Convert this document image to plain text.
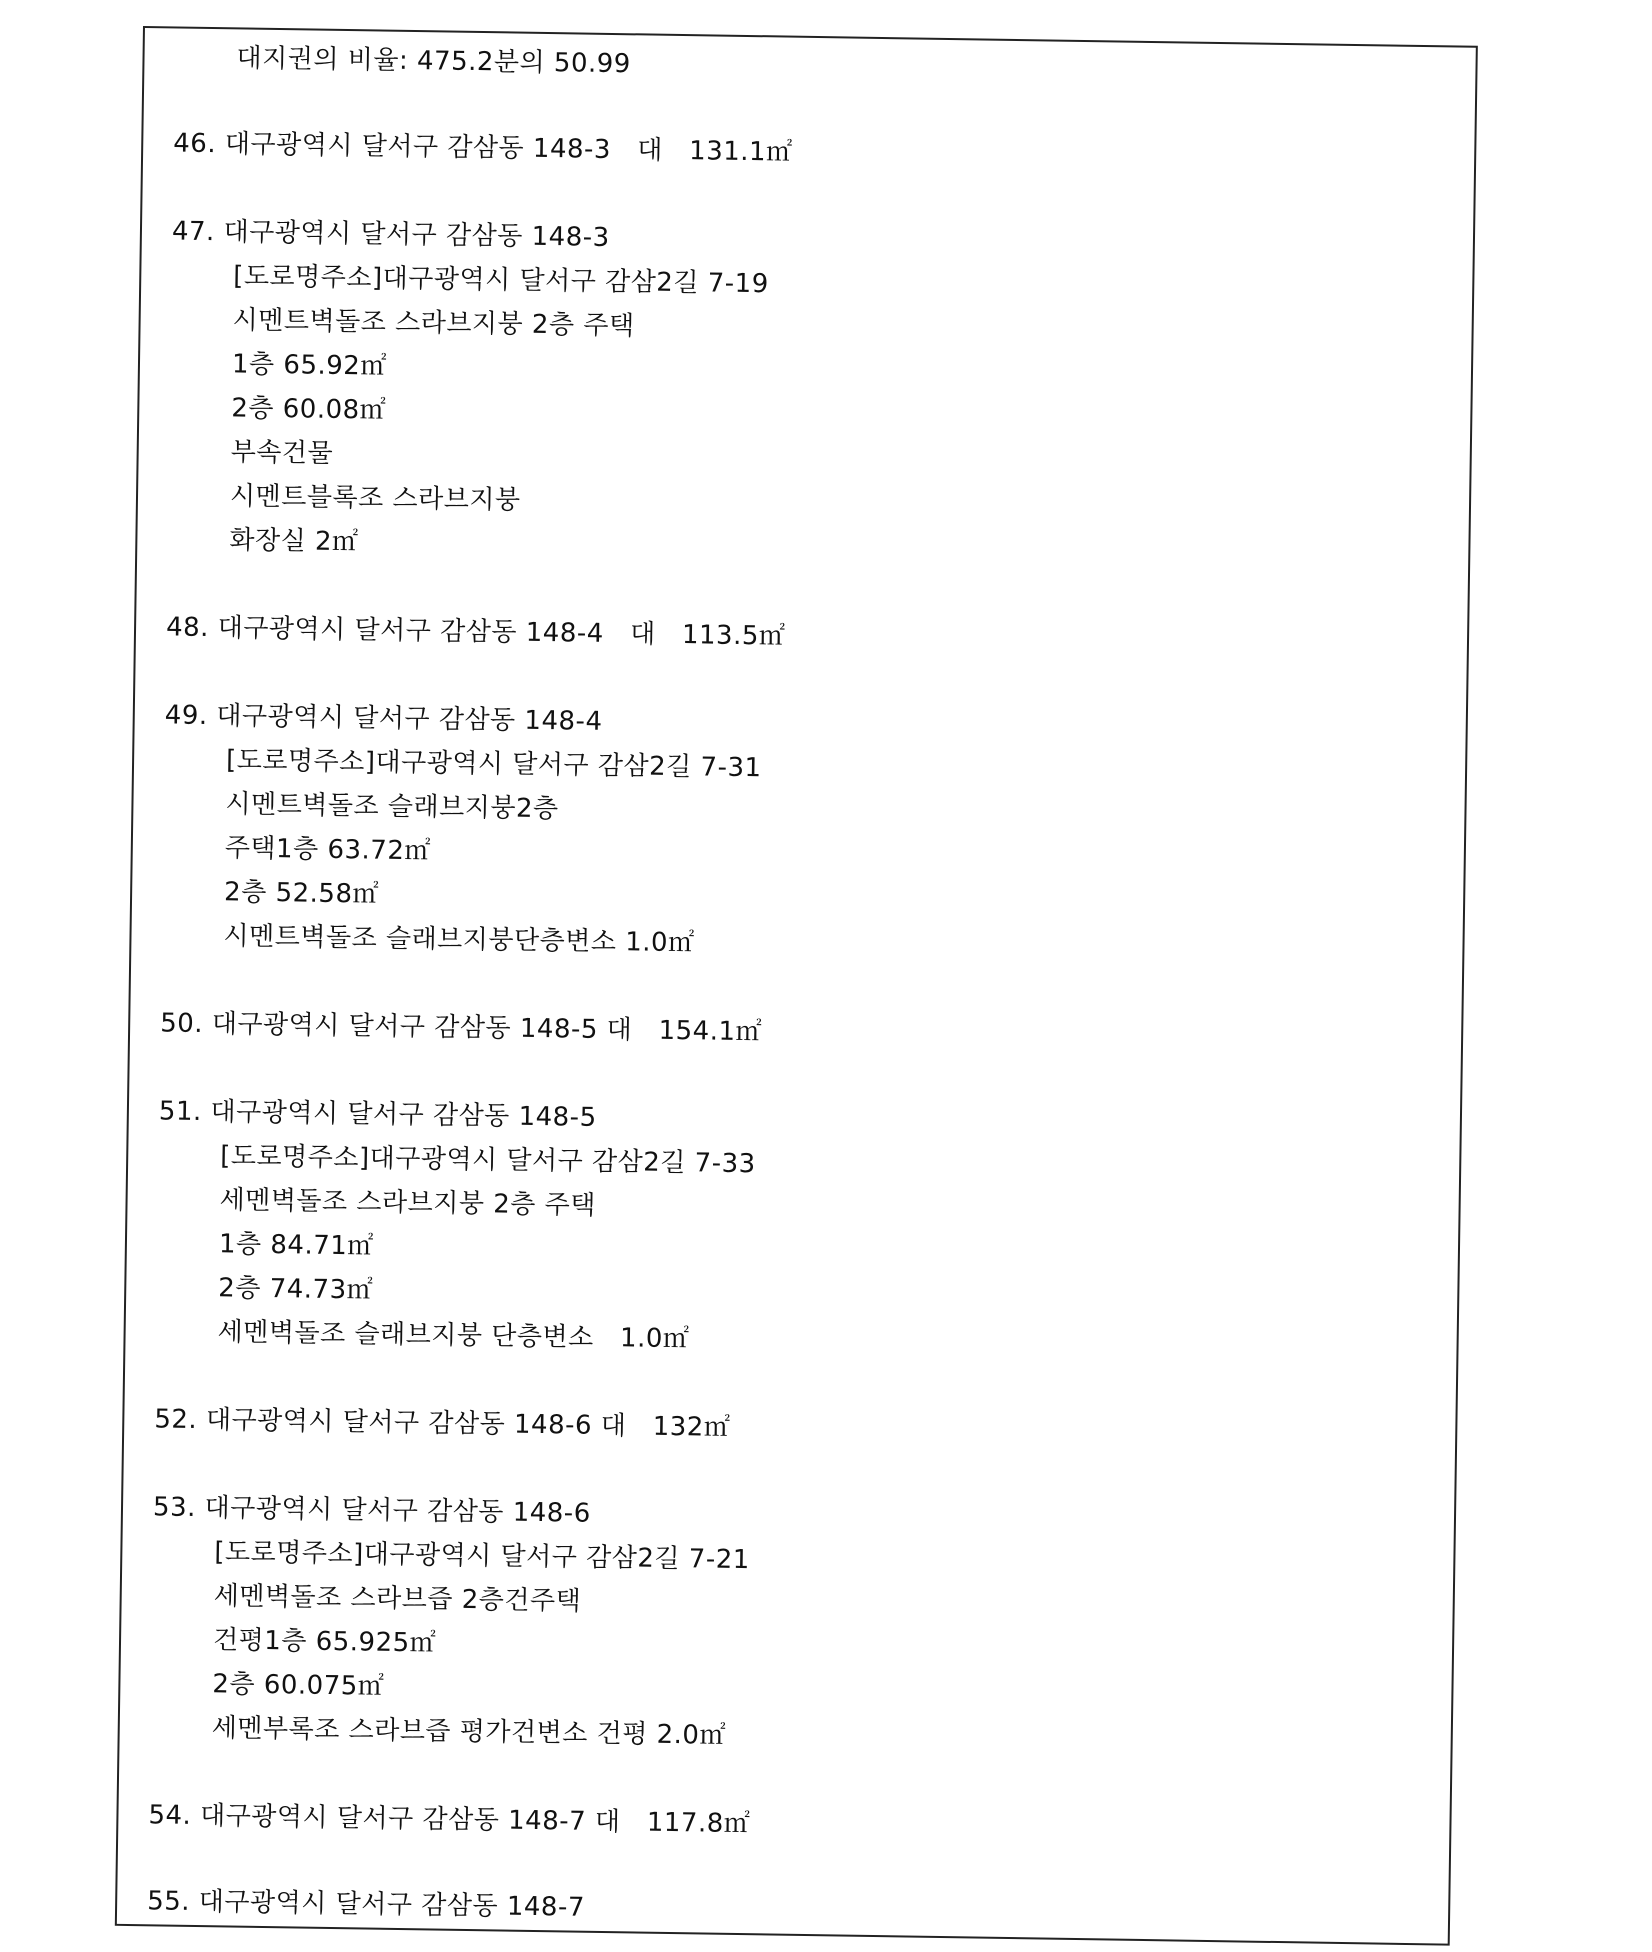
대지권의 비율: 475.2분의 50.99
46. 대구광역시 달서구 감삼동 148-3   대   131.1㎡
47. 대구광역시 달서구 감삼동 148-3
[도로명주소]대구광역시 달서구 감삼2길 7-19
시멘트벽돌조 스라브지붕 2층 주택
1층 65.92㎡
2층 60.08㎡
부속건물
시멘트블록조 스라브지붕
화장실 2㎡
48. 대구광역시 달서구 감삼동 148-4   대   113.5㎡
49. 대구광역시 달서구 감삼동 148-4
[도로명주소]대구광역시 달서구 감삼2길 7-31
시멘트벽돌조 슬래브지붕2층
주택1층 63.72㎡
2층 52.58㎡
시멘트벽돌조 슬래브지붕단층변소 1.0㎡
50. 대구광역시 달서구 감삼동 148-5 대   154.1㎡
51. 대구광역시 달서구 감삼동 148-5
[도로명주소]대구광역시 달서구 감삼2길 7-33
세멘벽돌조 스라브지붕 2층 주택
1층 84.71㎡
2층 74.73㎡
세멘벽돌조 슬래브지붕 단층변소   1.0㎡
52. 대구광역시 달서구 감삼동 148-6 대   132㎡
53. 대구광역시 달서구 감삼동 148-6
[도로명주소]대구광역시 달서구 감삼2길 7-21
세멘벽돌조 스라브즙 2층건주택
건평1층 65.925㎡
2층 60.075㎡
세멘부록조 스라브즙 평가건변소 건평 2.0㎡
54. 대구광역시 달서구 감삼동 148-7 대   117.8㎡
55. 대구광역시 달서구 감삼동 148-7
